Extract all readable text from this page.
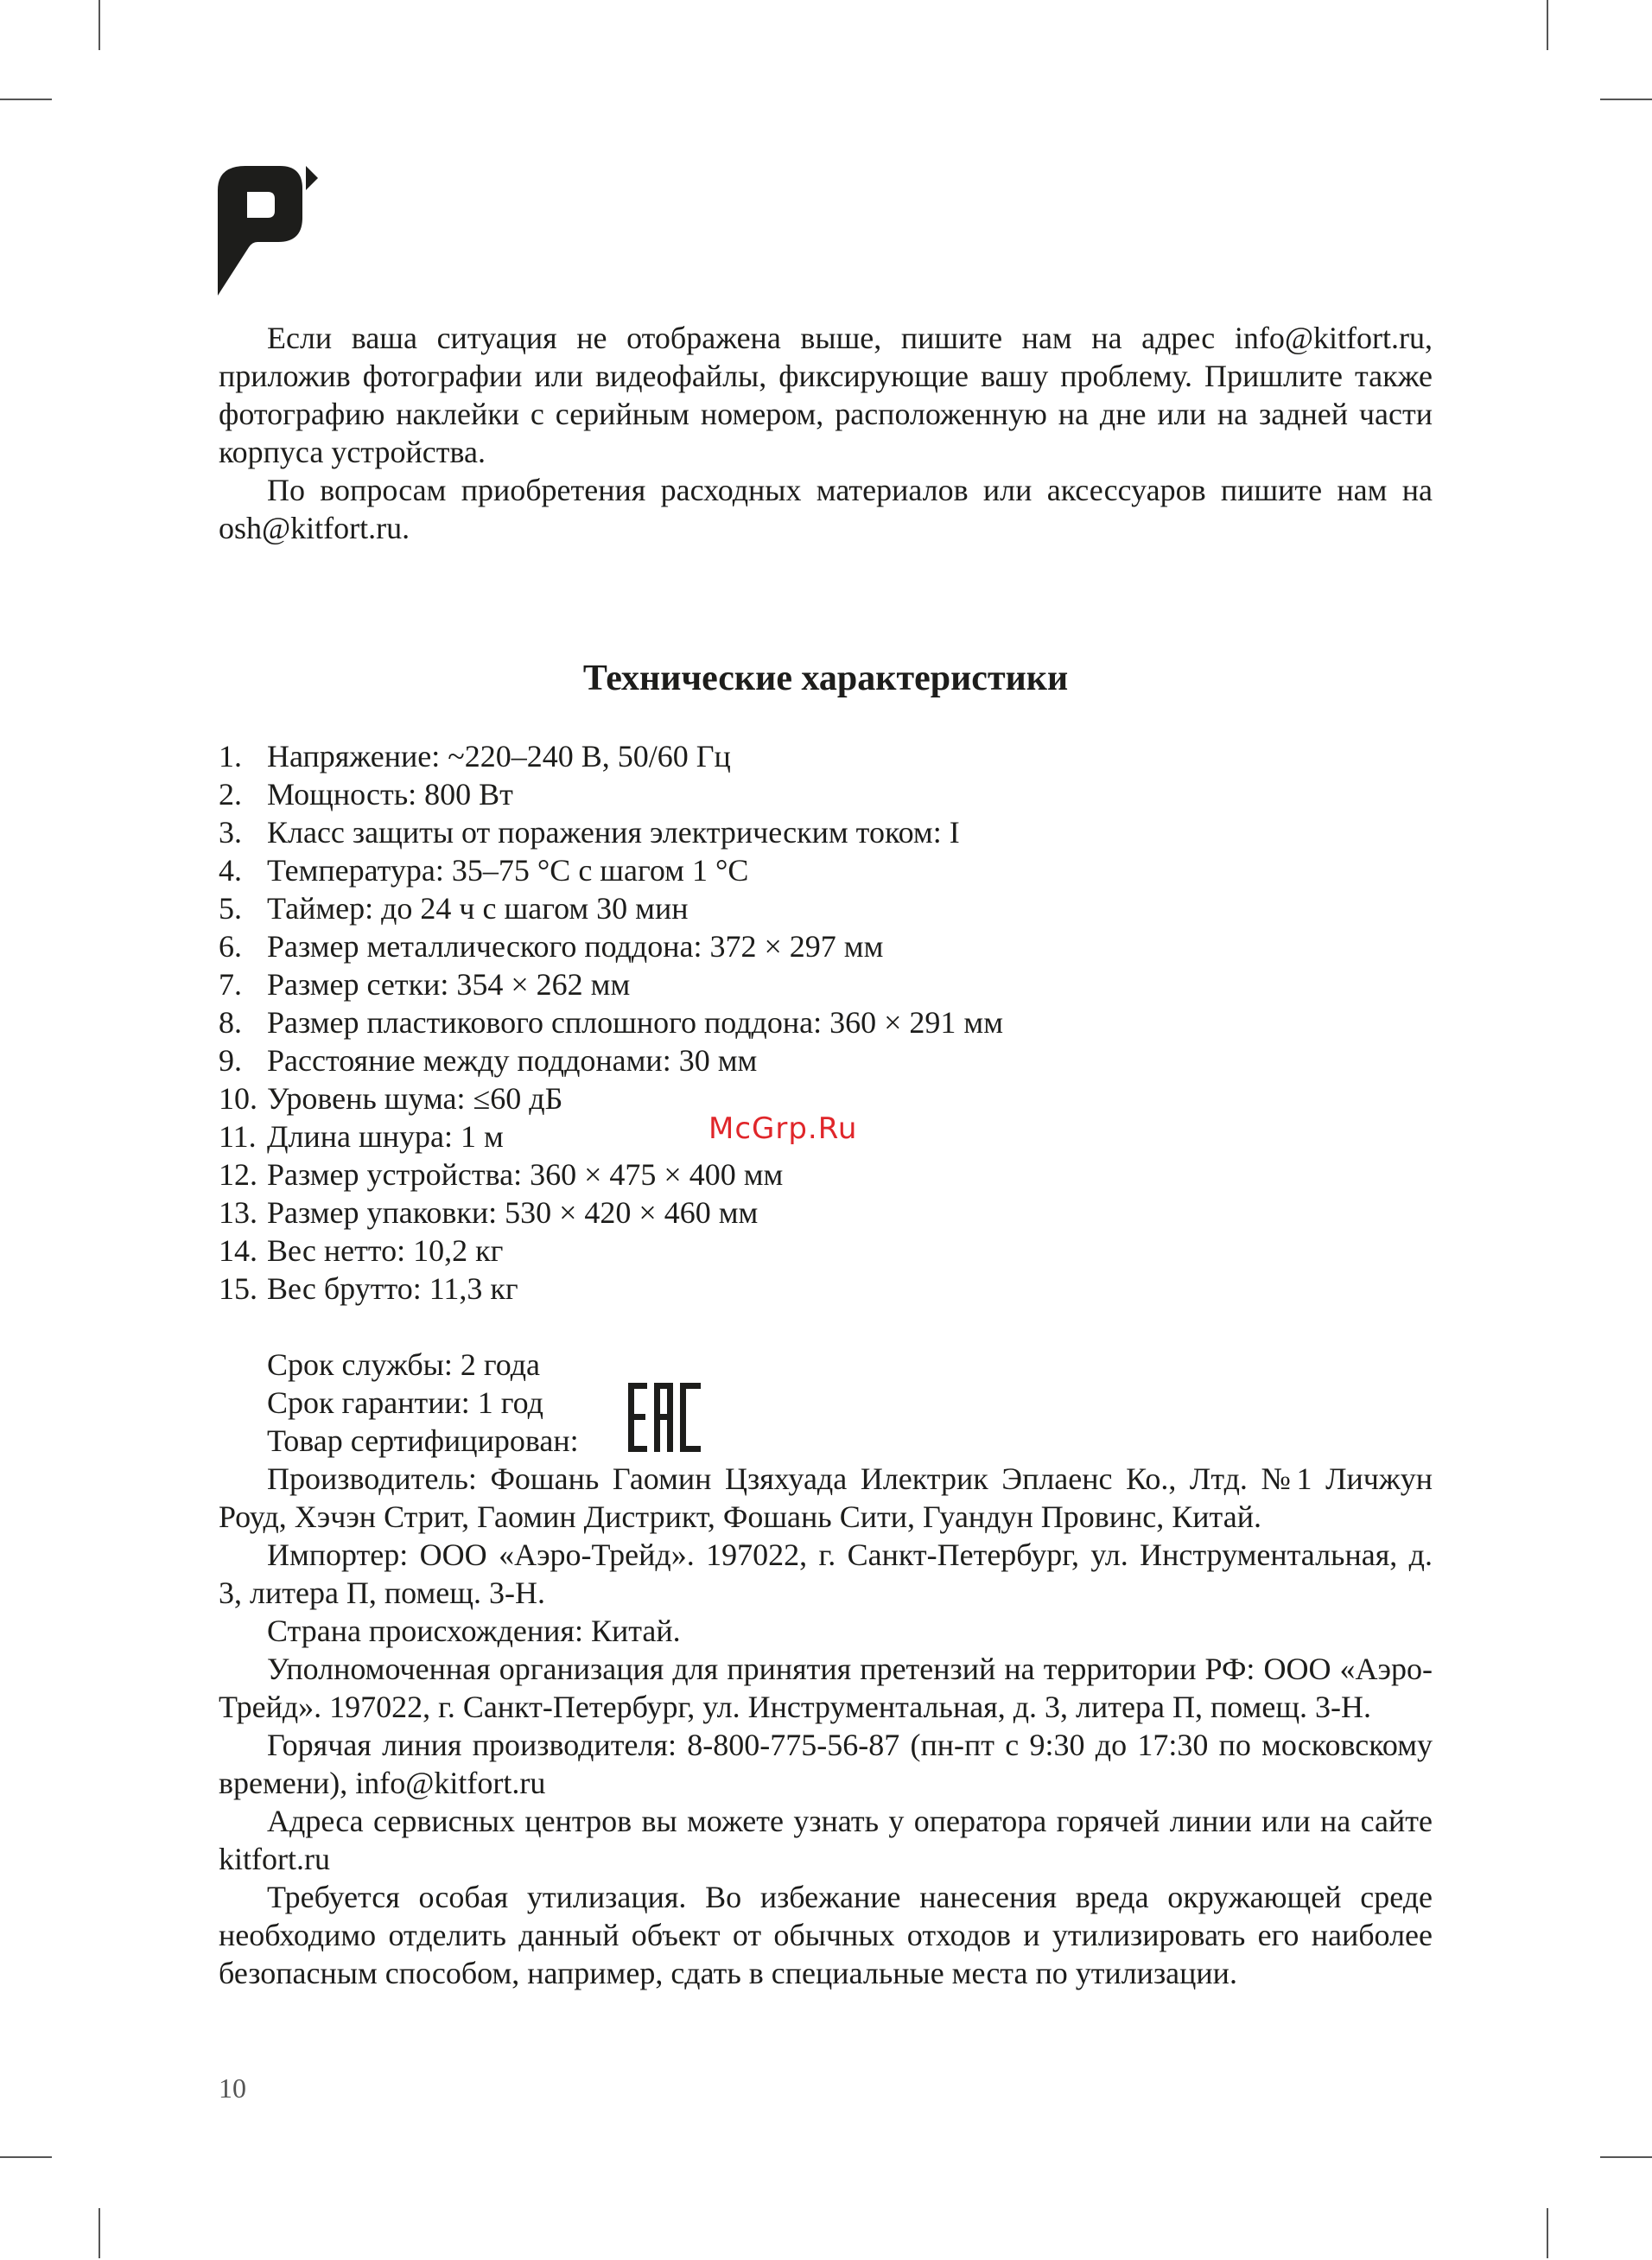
Если ваша ситуация не отображена выше, пишите нам на адрес info@kitfort.ru, приложив фотографии или видеофайлы, фиксирующие вашу проблему. Пришлите также фотографию наклейки с серийным номером, расположенную на дне или на задней части корпуса устройства.

По вопросам приобретения расходных материалов или аксессуаров пишите нам на osh@kitfort.ru.

Технические характеристики
1. Напряжение: ~220–240 В, 50/60 Гц
2. Мощность: 800 Вт
3. Класс защиты от поражения электрическим током: I
4. Температура: 35–75 °C с шагом 1 °C
5. Таймер: до 24 ч с шагом 30 мин
6. Размер металлического поддона: 372 × 297 мм
7. Размер сетки: 354 × 262 мм
8. Размер пластикового сплошного поддона: 360 × 291 мм
9. Расстояние между поддонами: 30 мм
10. Уровень шума: ≤60 дБ
11. Длина шнура: 1 м
12. Размер устройства: 360 × 475 × 400 мм
13. Размер упаковки: 530 × 420 × 460 мм
14. Вес нетто: 10,2 кг
15. Вес брутто: 11,3 кг
McGrp.Ru

Срок службы: 2 года

Срок гарантии: 1 год

Товар сертифицирован:

Производитель: Фошань Гаомин Цзяхуада Илектрик Эплаенс Ко., Лтд. №1 Личжун Роуд, Хэчэн Стрит, Гаомин Дистрикт, Фошань Сити, Гуандун Провинс, Китай.

Импортер: ООО «Аэро-Трейд». 197022, г. Санкт-Петербург, ул. Инструментальная, д. 3, литера П, помещ. 3-Н.

Страна происхождения: Китай.

Уполномоченная организация для принятия претензий на территории РФ: ООО «Аэро-Трейд». 197022, г. Санкт-Петербург, ул. Инструментальная, д. 3, литера П, помещ. 3-Н.

Горячая линия производителя: 8-800-775-56-87 (пн-пт с 9:30 до 17:30 по московскому времени), info@kitfort.ru

Адреса сервисных центров вы можете узнать у оператора горячей линии или на сайте kitfort.ru

Требуется особая утилизация. Во избежание нанесения вреда окружающей среде необходимо отделить данный объект от обычных отходов и утилизировать его наиболее безопасным способом, например, сдать в специальные места по утилизации.

10
